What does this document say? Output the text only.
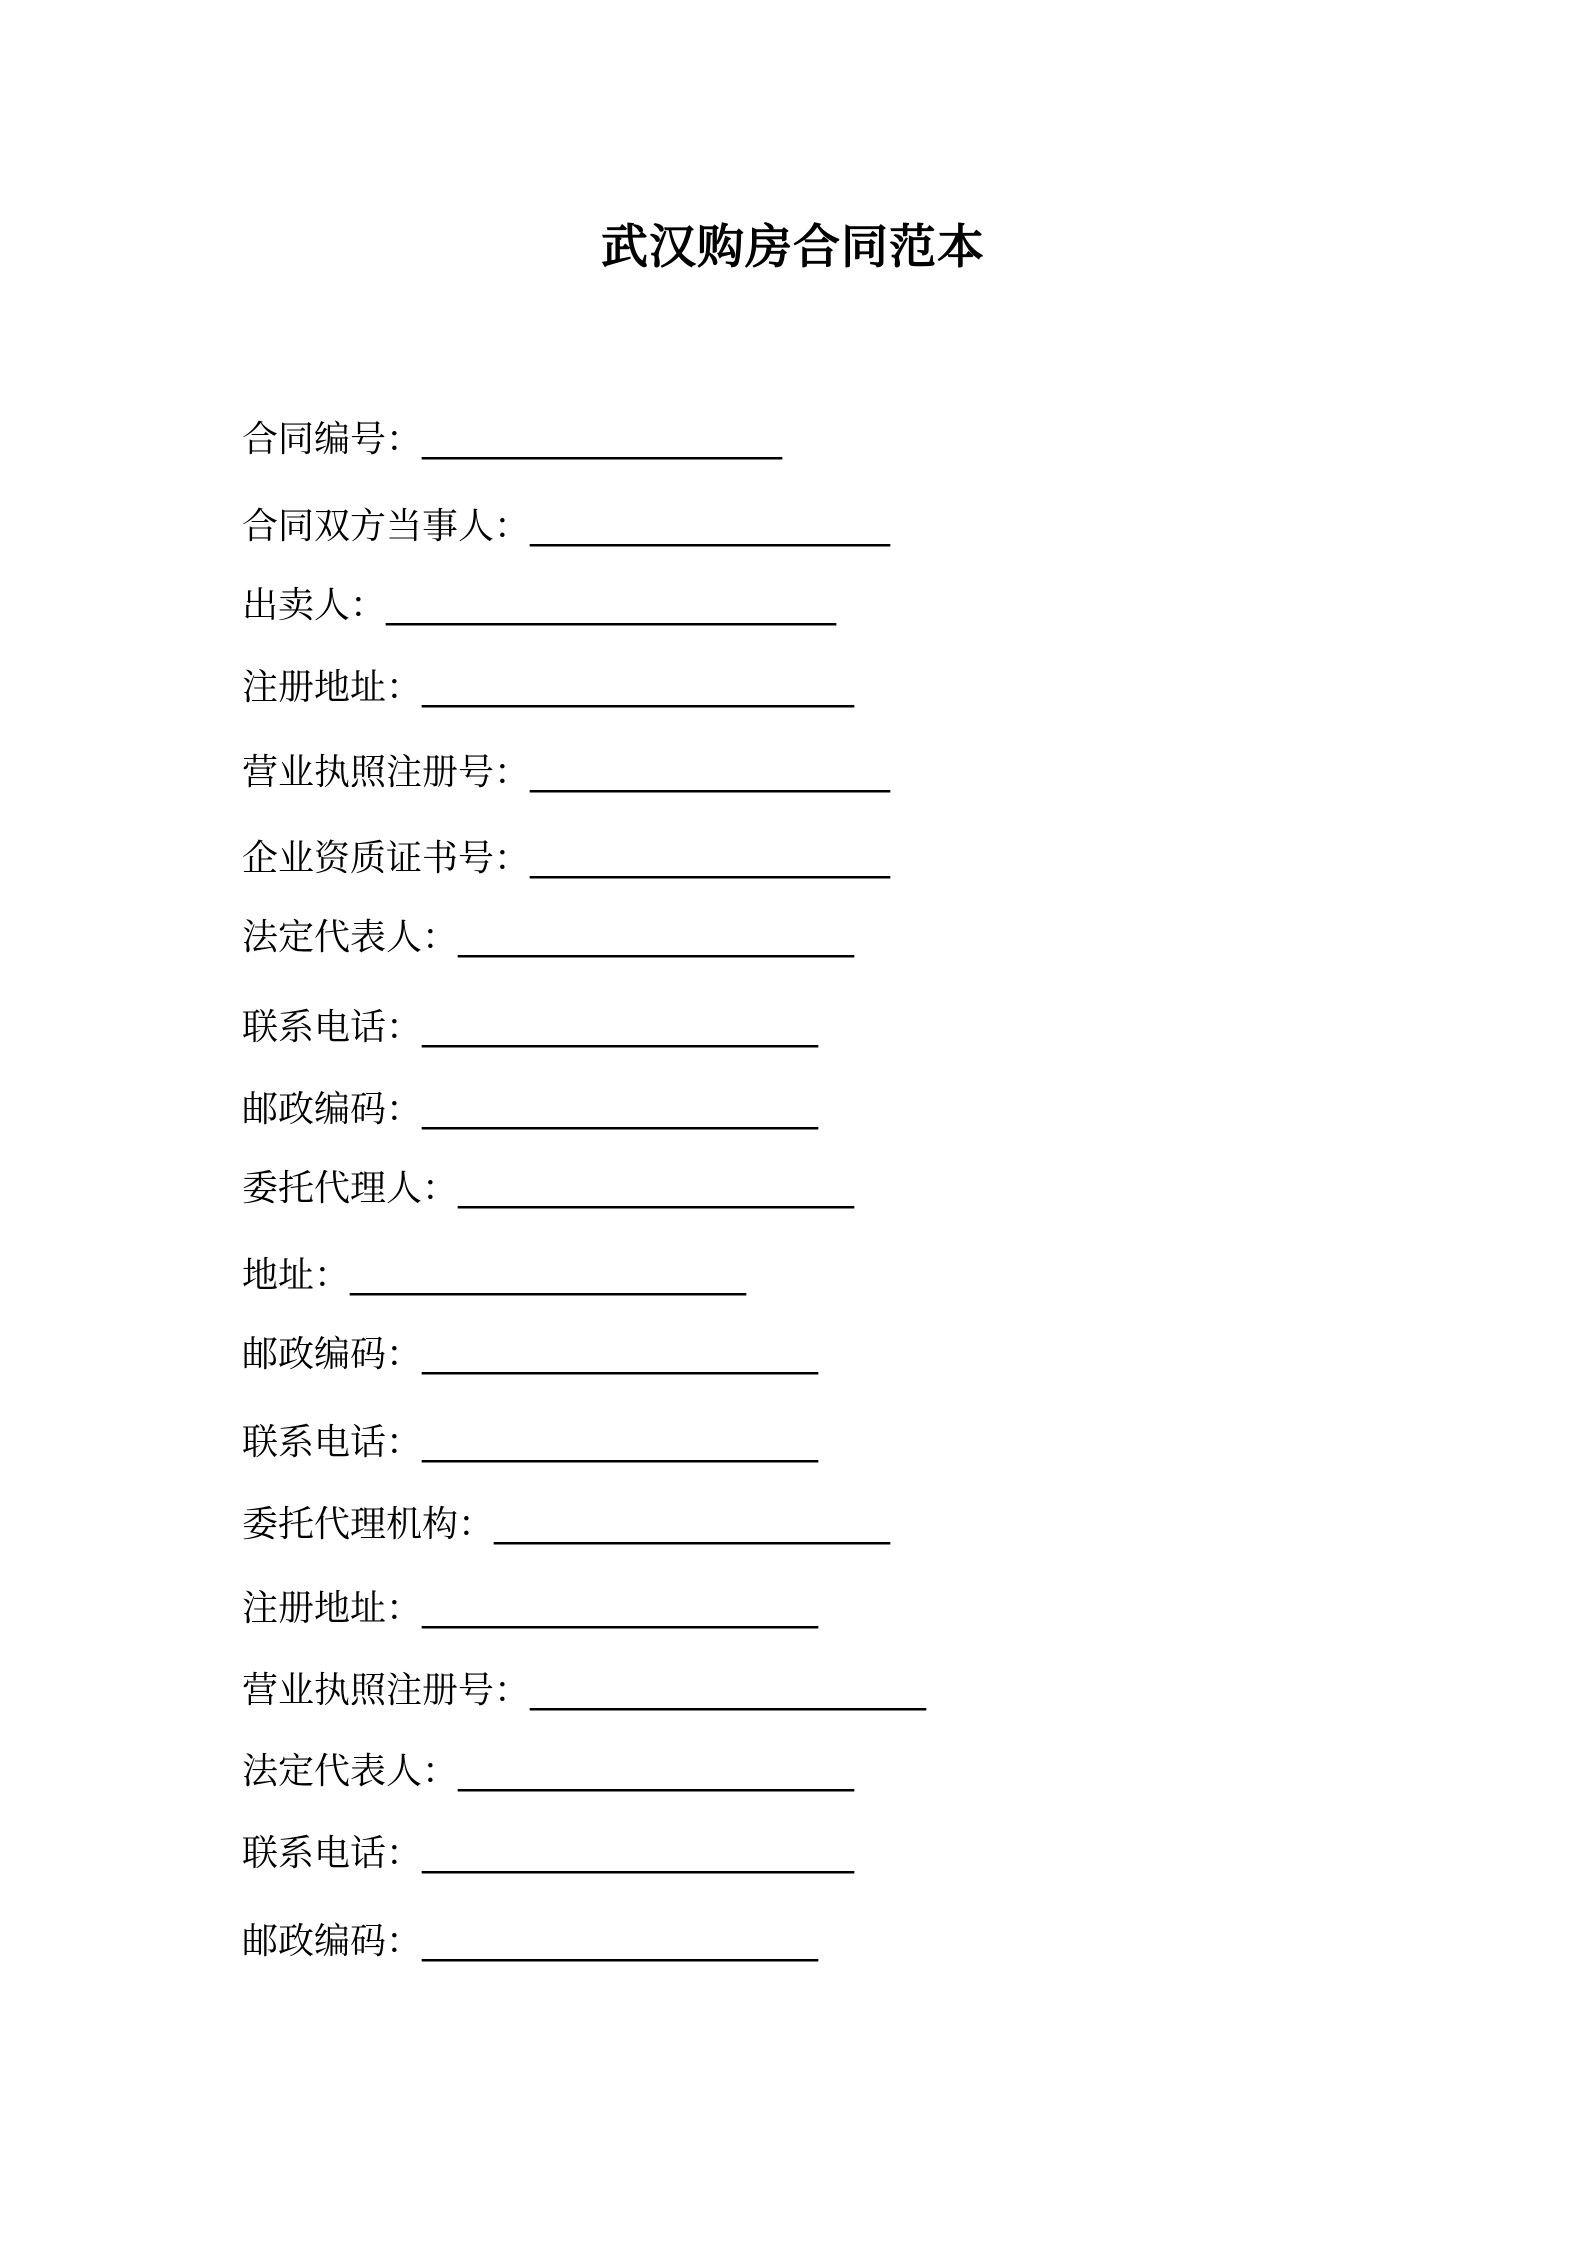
武汉购房合同范本
合同编号：____________________
合同双方当事人：____________________
出卖人：_________________________
注册地址：________________________
营业执照注册号：____________________
企业资质证书号：____________________
法定代表人：______________________
联系电话：______________________
邮政编码：______________________
委托代理人：______________________
地址：______________________
邮政编码：______________________
联系电话：______________________
委托代理机构：______________________
注册地址：______________________
营业执照注册号：______________________
法定代表人：______________________
联系电话：________________________
邮政编码：______________________
